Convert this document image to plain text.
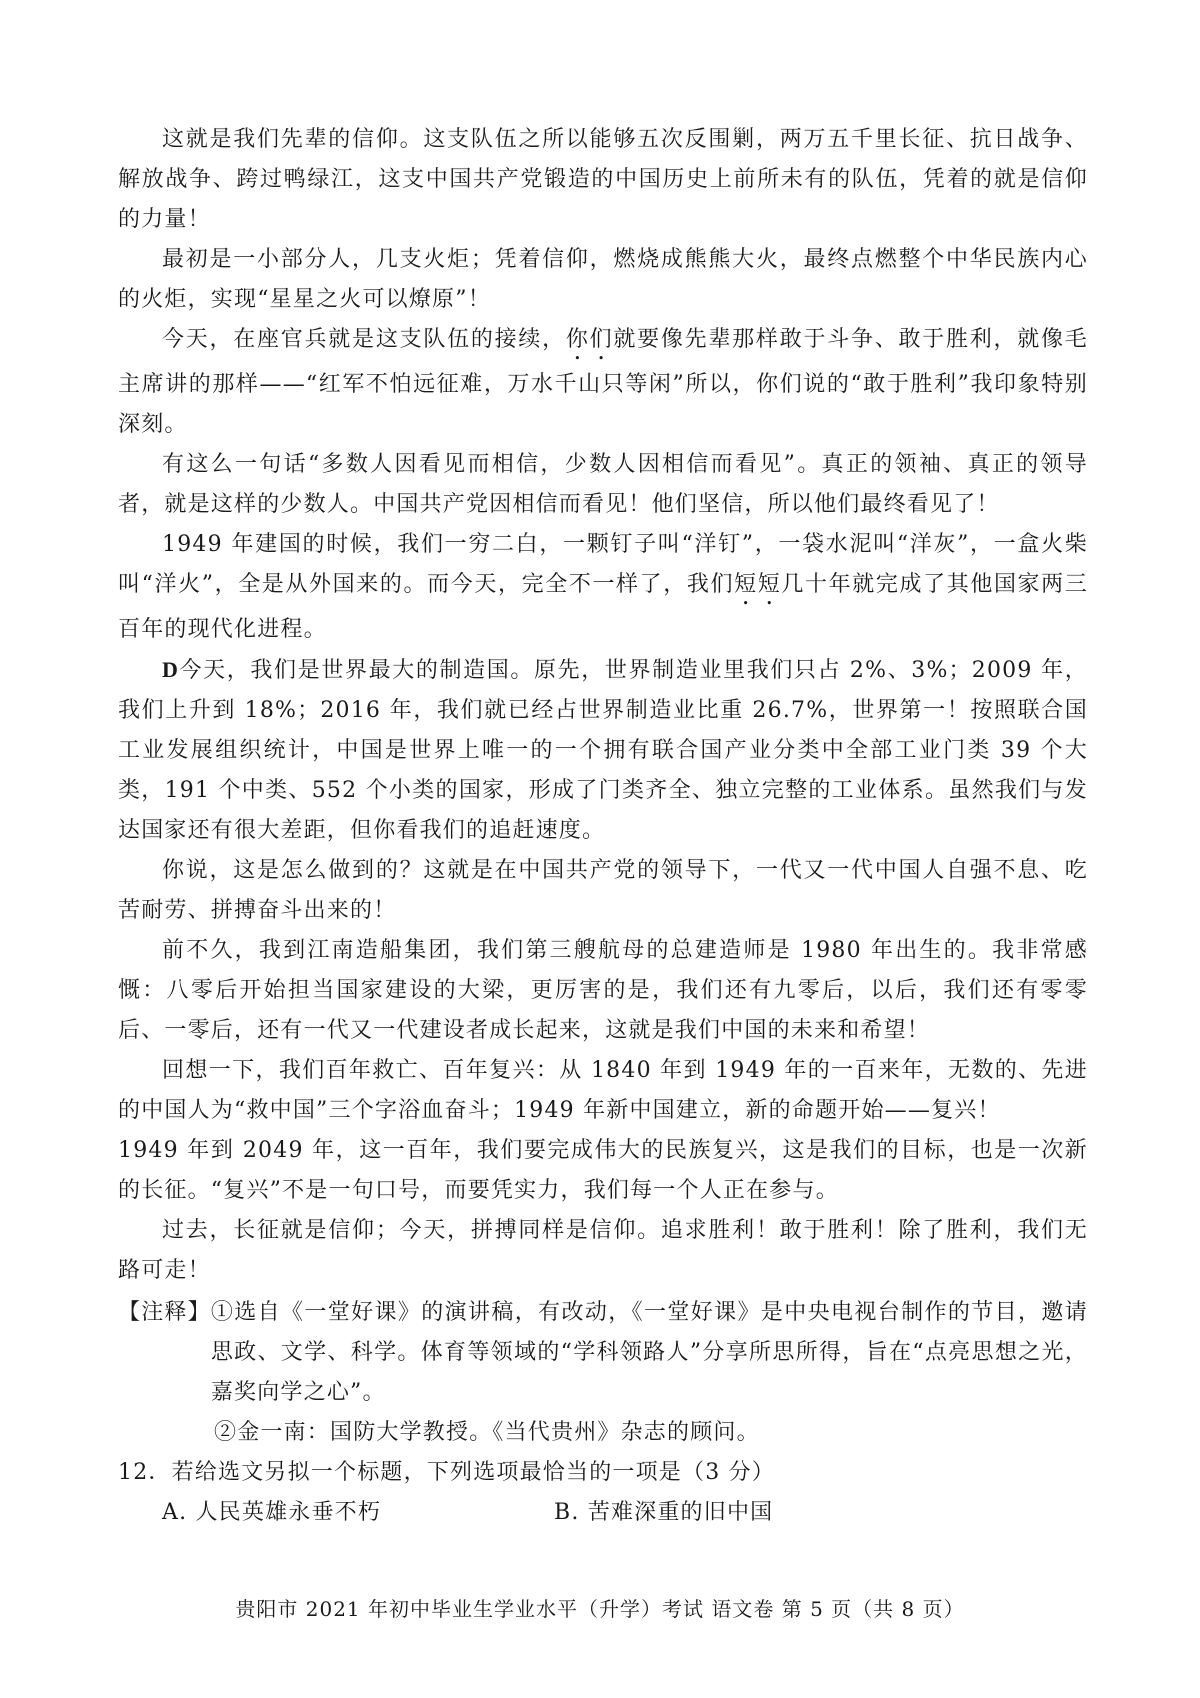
这就是我们先辈的信仰。这支队伍之所以能够五次反围剿，两万五千里长征、抗日战争、解放战争、跨过鸭绿江，这支中国共产党锻造的中国历史上前所未有的队伍，凭着的就是信仰的力量！

最初是一小部分人，几支火炬；凭着信仰，燃烧成熊熊大火，最终点燃整个中华民族内心的火炬，实现“星星之火可以燎原”！

今天，在座官兵就是这支队伍的接续，你们就要像先辈那样敢于斗争、敢于胜利，就像毛主席讲的那样——“红军不怕远征难，万水千山只等闲”所以，你们说的“敢于胜利”我印象特别深刻。

有这么一句话“多数人因看见而相信，少数人因相信而看见”。真正的领袖、真正的领导者，就是这样的少数人。中国共产党因相信而看见！他们坚信，所以他们最终看见了！

1949 年建国的时候，我们一穷二白，一颗钉子叫“洋钉”，一袋水泥叫“洋灰”，一盒火柴叫“洋火”，全是从外国来的。而今天，完全不一样了，我们短短几十年就完成了其他国家两三百年的现代化进程。

D今天，我们是世界最大的制造国。原先，世界制造业里我们只占 2%、3%；2009 年，我们上升到 18%；2016 年，我们就已经占世界制造业比重 26.7%，世界第一！按照联合国工业发展组织统计，中国是世界上唯一的一个拥有联合国产业分类中全部工业门类 39 个大类，191 个中类、552 个小类的国家，形成了门类齐全、独立完整的工业体系。虽然我们与发达国家还有很大差距，但你看我们的追赶速度。

你说，这是怎么做到的？这就是在中国共产党的领导下，一代又一代中国人自强不息、吃苦耐劳、拼搏奋斗出来的！

前不久，我到江南造船集团，我们第三艘航母的总建造师是 1980 年出生的。我非常感慨：八零后开始担当国家建设的大梁，更厉害的是，我们还有九零后，以后，我们还有零零后、一零后，还有一代又一代建设者成长起来，这就是我们中国的未来和希望！

回想一下，我们百年救亡、百年复兴：从 1840 年到 1949 年的一百来年，无数的、先进的中国人为“救中国”三个字浴血奋斗；1949 年新中国建立，新的命题开始——复兴！

1949 年到 2049 年，这一百年，我们要完成伟大的民族复兴，这是我们的目标，也是一次新的长征。“复兴”不是一句口号，而要凭实力，我们每一个人正在参与。

过去，长征就是信仰；今天，拼搏同样是信仰。追求胜利！敢于胜利！除了胜利，我们无路可走！

【注释】 ①选自《一堂好课》的演讲稿，有改动，《一堂好课》是中央电视台制作的节目，邀请思政、文学、科学。体育等领域的“学科领路人”分享所思所得，旨在“点亮思想之光，嘉奖向学之心”。
②金一南：国防大学教授。《当代贵州》杂志的顾问。

12．若给选文另拟一个标题，下列选项最恰当的一项是（3 分）

A. 人民英雄永垂不朽	B. 苦难深重的旧中国
贵阳市 2021 年初中毕业生学业水平（升学）考试 语文卷 第 5 页（共 8 页）
